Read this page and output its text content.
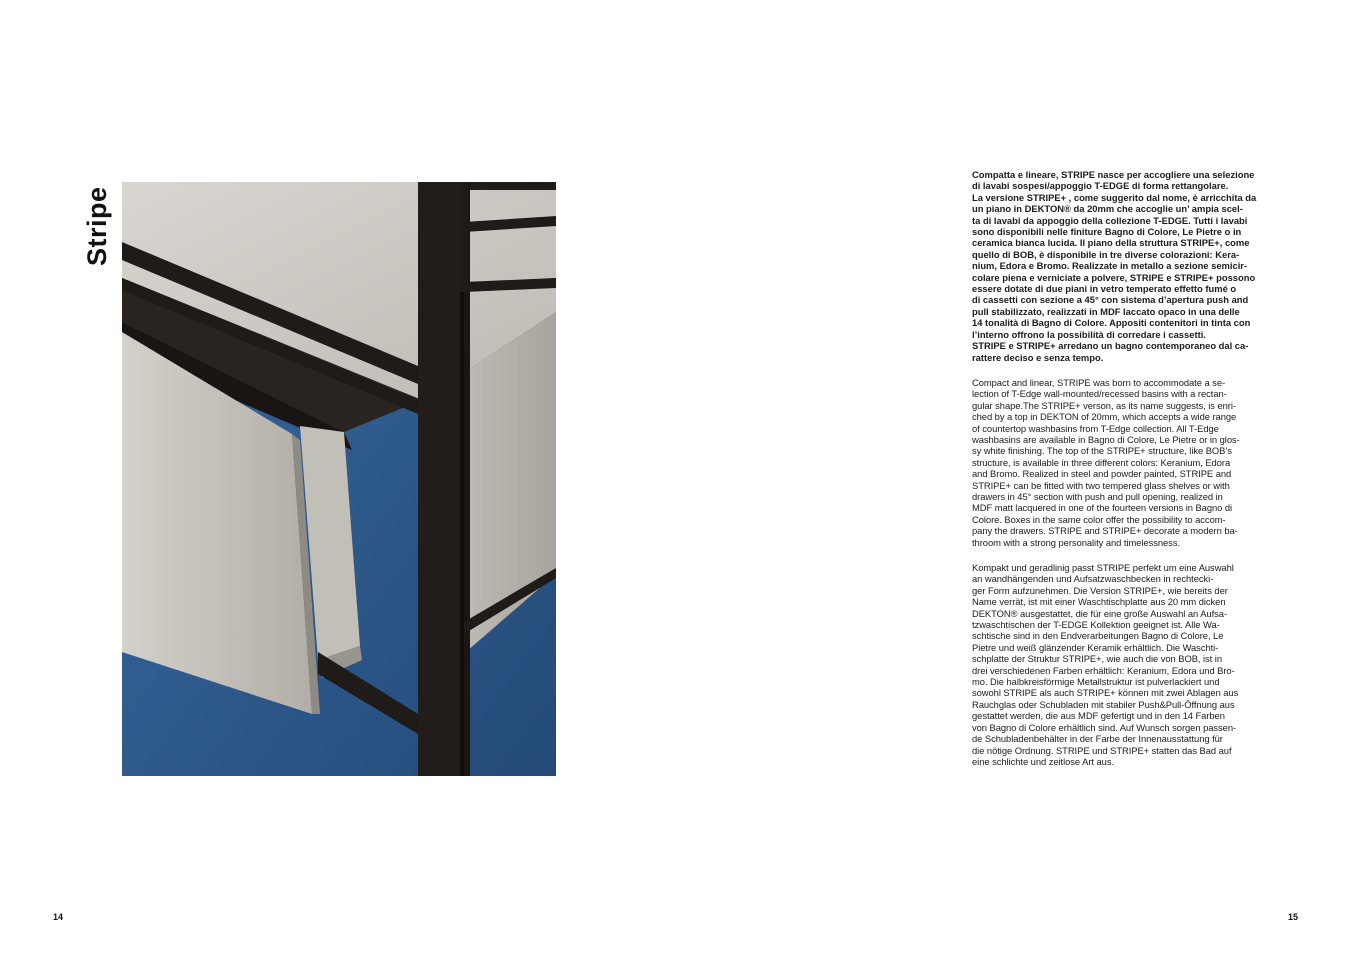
Stripe
14

Compatta e lineare, STRIPE nasce per accogliere una selezione
di lavabi sospesi/appoggio T-EDGE di forma rettangolare.
La versione STRIPE+ , come suggerito dal nome, è arricchita da
un piano in DEKTON® da 20mm che accoglie un’ ampia scel-
ta di lavabi da appoggio della collezione T-EDGE. Tutti i lavabi
sono disponibili nelle finiture Bagno di Colore, Le Pietre o in
ceramica bianca lucida. Il piano della struttura STRIPE+, come
quello di BOB, è disponibile in tre diverse colorazioni: Kera-
nium, Edora e Bromo. Realizzate in metallo a sezione semicir-
colare piena e verniciate a polvere, STRIPE e STRIPE+ possono
essere dotate di due piani in vetro temperato effetto fumé o
di cassetti con sezione a 45° con sistema d’apertura push and
pull stabilizzato, realizzati in MDF laccato opaco in una delle
14 tonalità di Bagno di Colore. Appositi contenitori in tinta con
l’interno offrono la possibilità di corredare i cassetti.
STRIPE e STRIPE+ arredano un bagno contemporaneo dal ca-
rattere deciso e senza tempo.

Compact and linear, STRIPE was born to accommodate a se-
lection of T-Edge wall-mounted/recessed basins with a rectan-
gular shape.The STRIPE+ verson, as its name suggests, is enri-
ched by a top in DEKTON of 20mm, which accepts a wide range
of countertop washbasins from T-Edge collection. All T-Edge
washbasins are available in Bagno di Colore, Le Pietre or in glos-
sy white finishing. The top of the STRIPE+ structure, like BOB’s
structure, is available in three different colors: Keranium, Edora
and Bromo. Realized in steel and powder painted, STRIPE and
STRIPE+ can be fitted with two tempered glass shelves or with
drawers in 45° section with push and pull opening, realized in
MDF matt lacquered in one of the fourteen versions in Bagno di
Colore. Boxes in the same color offer the possibility to accom-
pany the drawers. STRIPE and STRIPE+ decorate a modern ba-
throom with a strong personality and timelessness.

Kompakt und geradlinig passt STRIPE perfekt um eine Auswahl
an wandhängenden und Aufsatzwaschbecken in rechtecki-
ger Form aufzunehmen. Die Version STRIPE+, wie bereits der
Name verrät, ist mit einer Waschtischplatte aus 20 mm dicken
DEKTON® ausgestattet, die für eine große Auswahl an Aufsa-
tzwaschtischen der T-EDGE Kollektion geeignet ist. Alle Wa-
schtische sind in den Endverarbeitungen Bagno di Colore, Le
Pietre und weiß glänzender Keramik erhältlich. Die Waschti-
schplatte der Struktur STRIPE+, wie auch die von BOB, ist in
drei verschiedenen Farben erhältlich: Keranium, Edora und Bro-
mo. Die halbkreisförmige Metallstruktur ist pulverlackiert und
sowohl STRIPE als auch STRIPE+ können mit zwei Ablagen aus
Rauchglas oder Schubladen mit stabiler Push&Pull-Öffnung aus
gestattet werden, die aus MDF gefertigt und in den 14 Farben
von Bagno di Colore erhältlich sind. Auf Wunsch sorgen passen-
de Schubladenbehälter in der Farbe der Innenausstattung für
die nötige Ordnung. STRIPE und STRIPE+ statten das Bad auf
eine schlichte und zeitlose Art aus.

15
